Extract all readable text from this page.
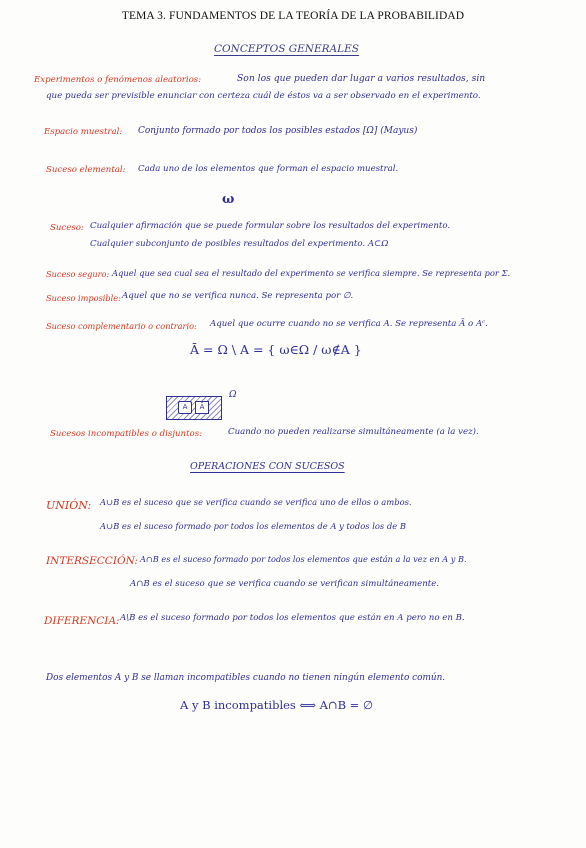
TEMA 3. FUNDAMENTOS DE LA TEORÍA DE LA PROBABILIDAD
CONCEPTOS GENERALES
Experimentos o fenómenos aleatorios:	Son los que pueden dar lugar a varios resultados, sin
que pueda ser previsible enunciar con certeza cuál de éstos va a ser observado en el experimento.
Espacio muestral: Conjunto formado por todos los posibles estados [Ω] (Mayus)
Suceso elemental: Cada uno de los elementos que forman el espacio muestral.
ω
Suceso: Cualquier afirmación que se puede formular sobre los resultados del experimento.
Cualquier subconjunto de posibles resultados del experimento. A⊂Ω
Suceso seguro: Aquel que sea cual sea el resultado del experimento se verifica siempre. Se representa por Σ.
Suceso imposible: Aquel que no se verifica nunca. Se representa por ∅.
Suceso complementario o contrario: Aquel que ocurre cuando no se verifica A. Se representa Ā o Aᶜ.
Ā = Ω \ A = { ω∈Ω / ω∉A }
A	Ā
Ω
Sucesos incompatibles o disjuntos:	Cuando no pueden realizarse simultáneamente (a la vez).
OPERACIONES CON SUCESOS
UNIÓN: A∪B es el suceso que se verifica cuando se verifica uno de ellos o ambos.
A∪B es el suceso formado por todos los elementos de A y todos los de B
INTERSECCIÓN: A∩B es el suceso formado por todos los elementos que están a la vez en A y B.
A∩B es el suceso que se verifica cuando se verifican simultáneamente.
DIFERENCIA: A\B es el suceso formado por todos los elementos que están en A pero no en B.
Dos elementos A y B se llaman incompatibles cuando no tienen ningún elemento común.
A y B incompatibles ⟺ A∩B = ∅
